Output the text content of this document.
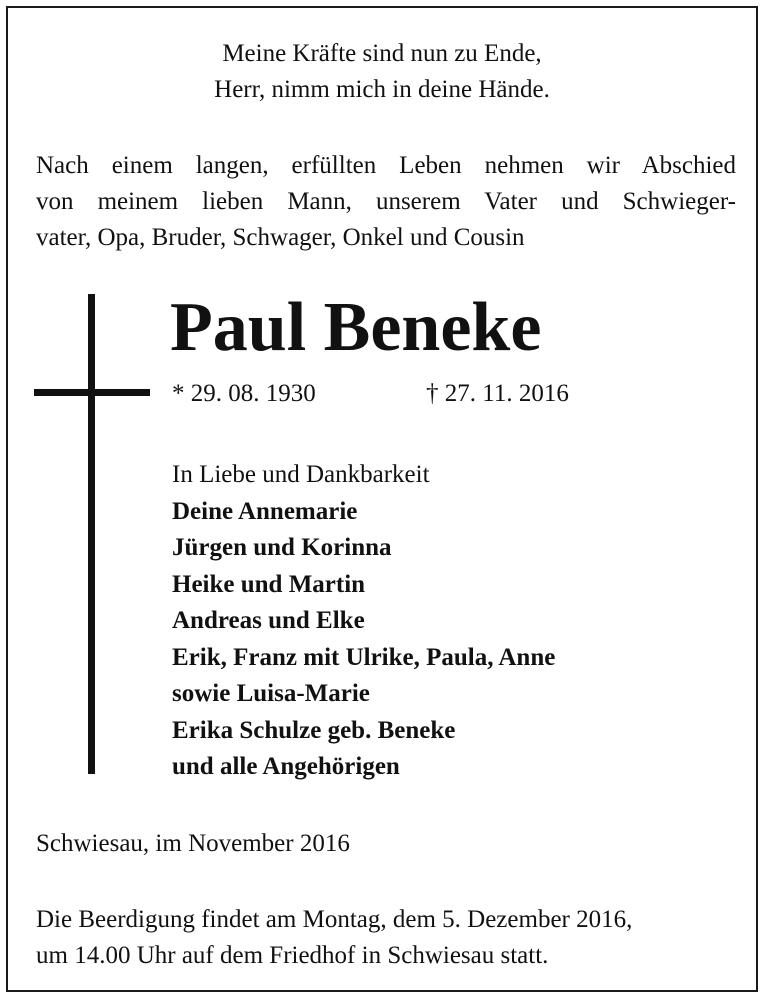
Meine Kräfte sind nun zu Ende,
Herr, nimm mich in deine Hände.
Nach einem langen, erfüllten Leben nehmen wir Abschied
von meinem lieben Mann, unserem Vater und Schwieger-
vater, Opa, Bruder, Schwager, Onkel und Cousin
Paul Beneke
* 29. 08. 1930	† 27. 11. 2016
In Liebe und Dankbarkeit
Deine Annemarie
Jürgen und Korinna
Heike und Martin
Andreas und Elke
Erik, Franz mit Ulrike, Paula, Anne
sowie Luisa-Marie
Erika Schulze geb. Beneke
und alle Angehörigen
Schwiesau, im November 2016
Die Beerdigung findet am Montag, dem 5. Dezember 2016,
um 14.00 Uhr auf dem Friedhof in Schwiesau statt.
